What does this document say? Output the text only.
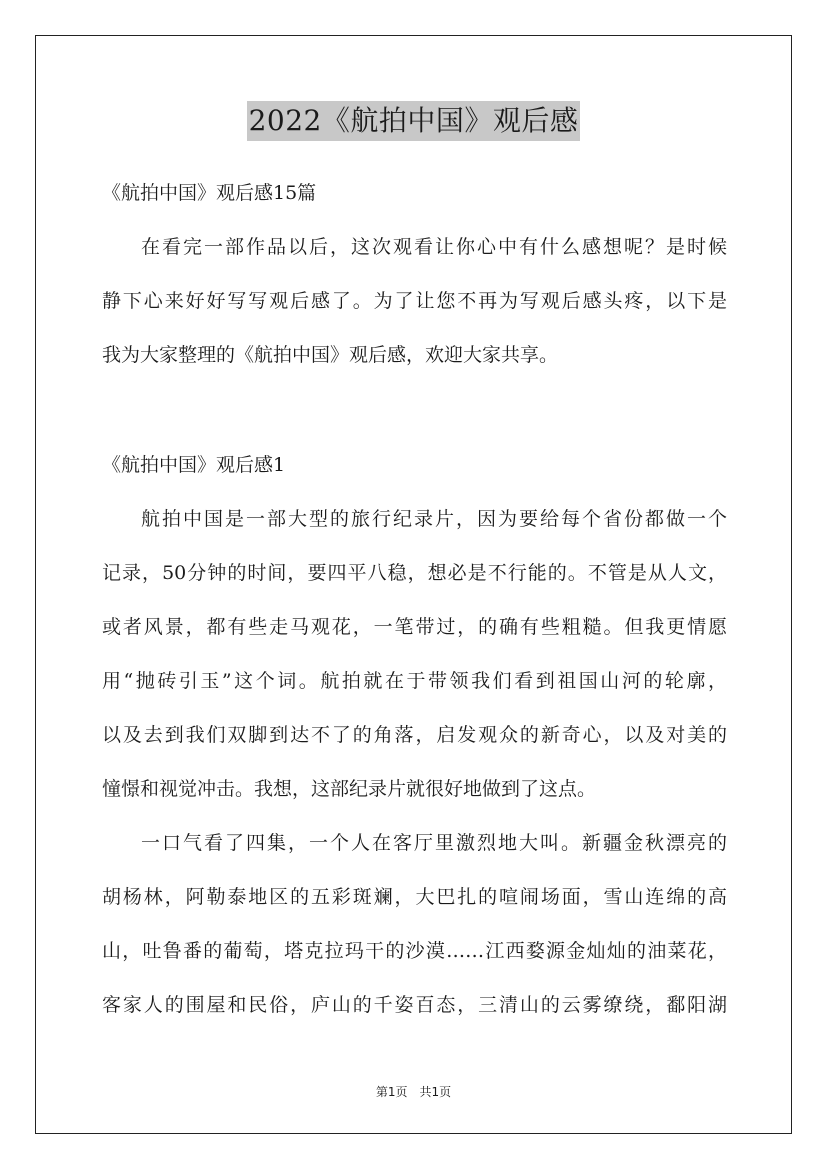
2022《航拍中国》观后感
《航拍中国》观后感15篇
在看完一部作品以后，这次观看让你心中有什么感想呢？是时候
静下心来好好写写观后感了。为了让您不再为写观后感头疼，以下是
我为大家整理的《航拍中国》观后感，欢迎大家共享。
《航拍中国》观后感1
航拍中国是一部大型的旅行纪录片，因为要给每个省份都做一个
记录，50分钟的时间，要四平八稳，想必是不行能的。不管是从人文，
或者风景，都有些走马观花，一笔带过，的确有些粗糙。但我更情愿
用“抛砖引玉”这个词。航拍就在于带领我们看到祖国山河的轮廓，
以及去到我们双脚到达不了的角落，启发观众的新奇心，以及对美的
憧憬和视觉冲击。我想，这部纪录片就很好地做到了这点。
一口气看了四集，一个人在客厅里激烈地大叫。新疆金秋漂亮的
胡杨林，阿勒泰地区的五彩斑斓，大巴扎的喧闹场面，雪山连绵的高
山，吐鲁番的葡萄，塔克拉玛干的沙漠……江西婺源金灿灿的油菜花，
客家人的围屋和民俗，庐山的千姿百态，三清山的云雾缭绕，鄱阳湖
第1页　共1页
